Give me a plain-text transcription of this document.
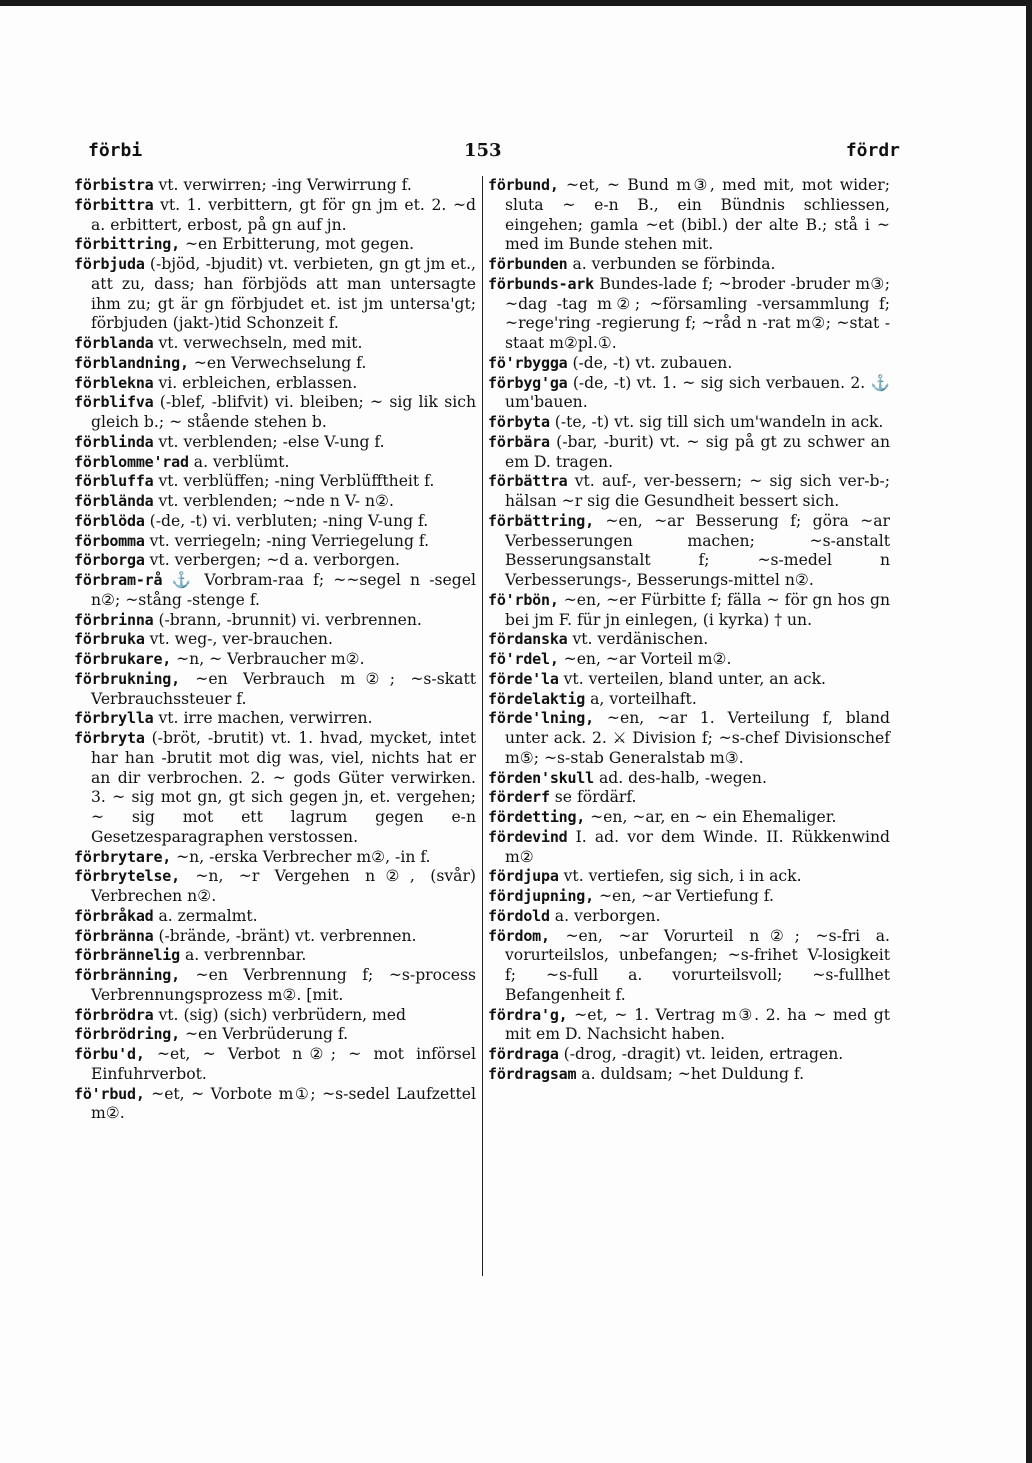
förbi	153	fördr

förbistra vt. verwirren; -ing Verwirrung f.

förbittra vt. 1. verbittern, gt för gn jm et. 2. ~d a. erbittert, erbost, på gn auf jn.

förbittring, ~en Erbitterung, mot gegen.

förbjuda (-bjöd, -bjudit) vt. verbieten, gn gt jm et., att zu, dass; han förbjöds att man untersagte ihm zu; gt är gn förbjudet et. ist jm untersa'gt; förbjuden (jakt-)tid Schonzeit f.

förblanda vt. verwechseln, med mit.

förblandning, ~en Verwechselung f.

förblekna vi. erbleichen, erblassen.

förblifva (-blef, -blifvit) vi. bleiben; ~ sig lik sich gleich b.; ~ stående stehen b.

förblinda vt. verblenden; -else V-ung f.

förblomme'rad a. verblümt.

förbluffa vt. verblüffen; -ning Verblüfftheit f.

förblända vt. verblenden; ~nde n V- n②.

förblöda (-de, -t) vi. verbluten; -ning V-ung f.

förbomma vt. verriegeln; -ning Verriegelung f.

förborga vt. verbergen; ~d a. verborgen.

förbram-rå ⚓ Vorbram-raa f; ~~segel n -segel n②; ~stång -stenge f.

förbrinna (-brann, -brunnit) vi. verbrennen.

förbruka vt. weg-, ver-brauchen.

förbrukare, ~n, ~ Verbraucher m②.

förbrukning, ~en Verbrauch m②; ~s-skatt Verbrauchssteuer f.

förbrylla vt. irre machen, verwirren.

förbryta (-bröt, -brutit) vt. 1. hvad, mycket, intet har han -brutit mot dig was, viel, nichts hat er an dir verbrochen. 2. ~ gods Güter verwirken. 3. ~ sig mot gn, gt sich gegen jn, et. vergehen; ~ sig mot ett lagrum gegen e-n Gesetzesparagraphen verstossen.

förbrytare, ~n, -erska Verbrecher m②, -in f.

förbrytelse, ~n, ~r Vergehen n②, (svår) Verbrechen n②.

förbråkad a. zermalmt.

förbränna (-brände, -bränt) vt. verbrennen.

förbrännelig a. verbrennbar.

förbränning, ~en Verbrennung f; ~s-process Verbrennungsprozess m②. [mit.

förbrödra vt. (sig) (sich) verbrüdern, med

förbrödring, ~en Verbrüderung f.

förbu'd, ~et, ~ Verbot n②; ~ mot införsel Einfuhrverbot.

fö'rbud, ~et, ~ Vorbote m①; ~s-sedel Laufzettel m②.

förbund, ~et, ~ Bund m③, med mit, mot wider; sluta ~ e-n B., ein Bündnis schliessen, eingehen; gamla ~et (bibl.) der alte B.; stå i ~ med im Bunde stehen mit.

förbunden a. verbunden se förbinda.

förbunds-ark Bundes-lade f; ~broder -bruder m③; ~dag -tag m②; ~församling -versammlung f; ~rege'ring -regierung f; ~råd n -rat m②; ~stat -staat m②pl.①.

fö'rbygga (-de, -t) vt. zubauen.

förbyg'ga (-de, -t) vt. 1. ~ sig sich verbauen. 2. ⚓ um'bauen.

förbyta (-te, -t) vt. sig till sich um'wandeln in ack.

förbära (-bar, -burit) vt. ~ sig på gt zu schwer an em D. tragen.

förbättra vt. auf-, ver-bessern; ~ sig sich ver-b-; hälsan ~r sig die Gesundheit bessert sich.

förbättring, ~en, ~ar Besserung f; göra ~ar Verbesserungen machen; ~s-anstalt Besserungsanstalt f; ~s-medel n Verbesserungs-, Besserungs-mittel n②.

fö'rbön, ~en, ~er Fürbitte f; fälla ~ för gn hos gn bei jm F. für jn einlegen, (i kyrka) † un.

fördanska vt. verdänischen.

fö'rdel, ~en, ~ar Vorteil m②.

förde'la vt. verteilen, bland unter, an ack.

fördelaktig a, vorteilhaft.

förde'lning, ~en, ~ar 1. Verteilung f, bland unter ack. 2. ⚔ Division f; ~s-chef Divisionschef m⑤; ~s-stab Generalstab m③.

förden'skull ad. des-halb, -wegen.

förderf se fördärf.

fördetting, ~en, ~ar, en ~ ein Ehemaliger.

fördevind I. ad. vor dem Winde. II. Rükkenwind m②

fördjupa vt. vertiefen, sig sich, i in ack.

fördjupning, ~en, ~ar Vertiefung f.

fördold a. verborgen.

fördom, ~en, ~ar Vorurteil n②; ~s-fri a. vorurteilslos, unbefangen; ~s-frihet V-losigkeit f; ~s-full a. vorurteilsvoll; ~s-fullhet Befangenheit f.

fördra'g, ~et, ~ 1. Vertrag m③. 2. ha ~ med gt mit em D. Nachsicht haben.

fördraga (-drog, -dragit) vt. leiden, ertragen.

fördragsam a. duldsam; ~het Duldung f.
